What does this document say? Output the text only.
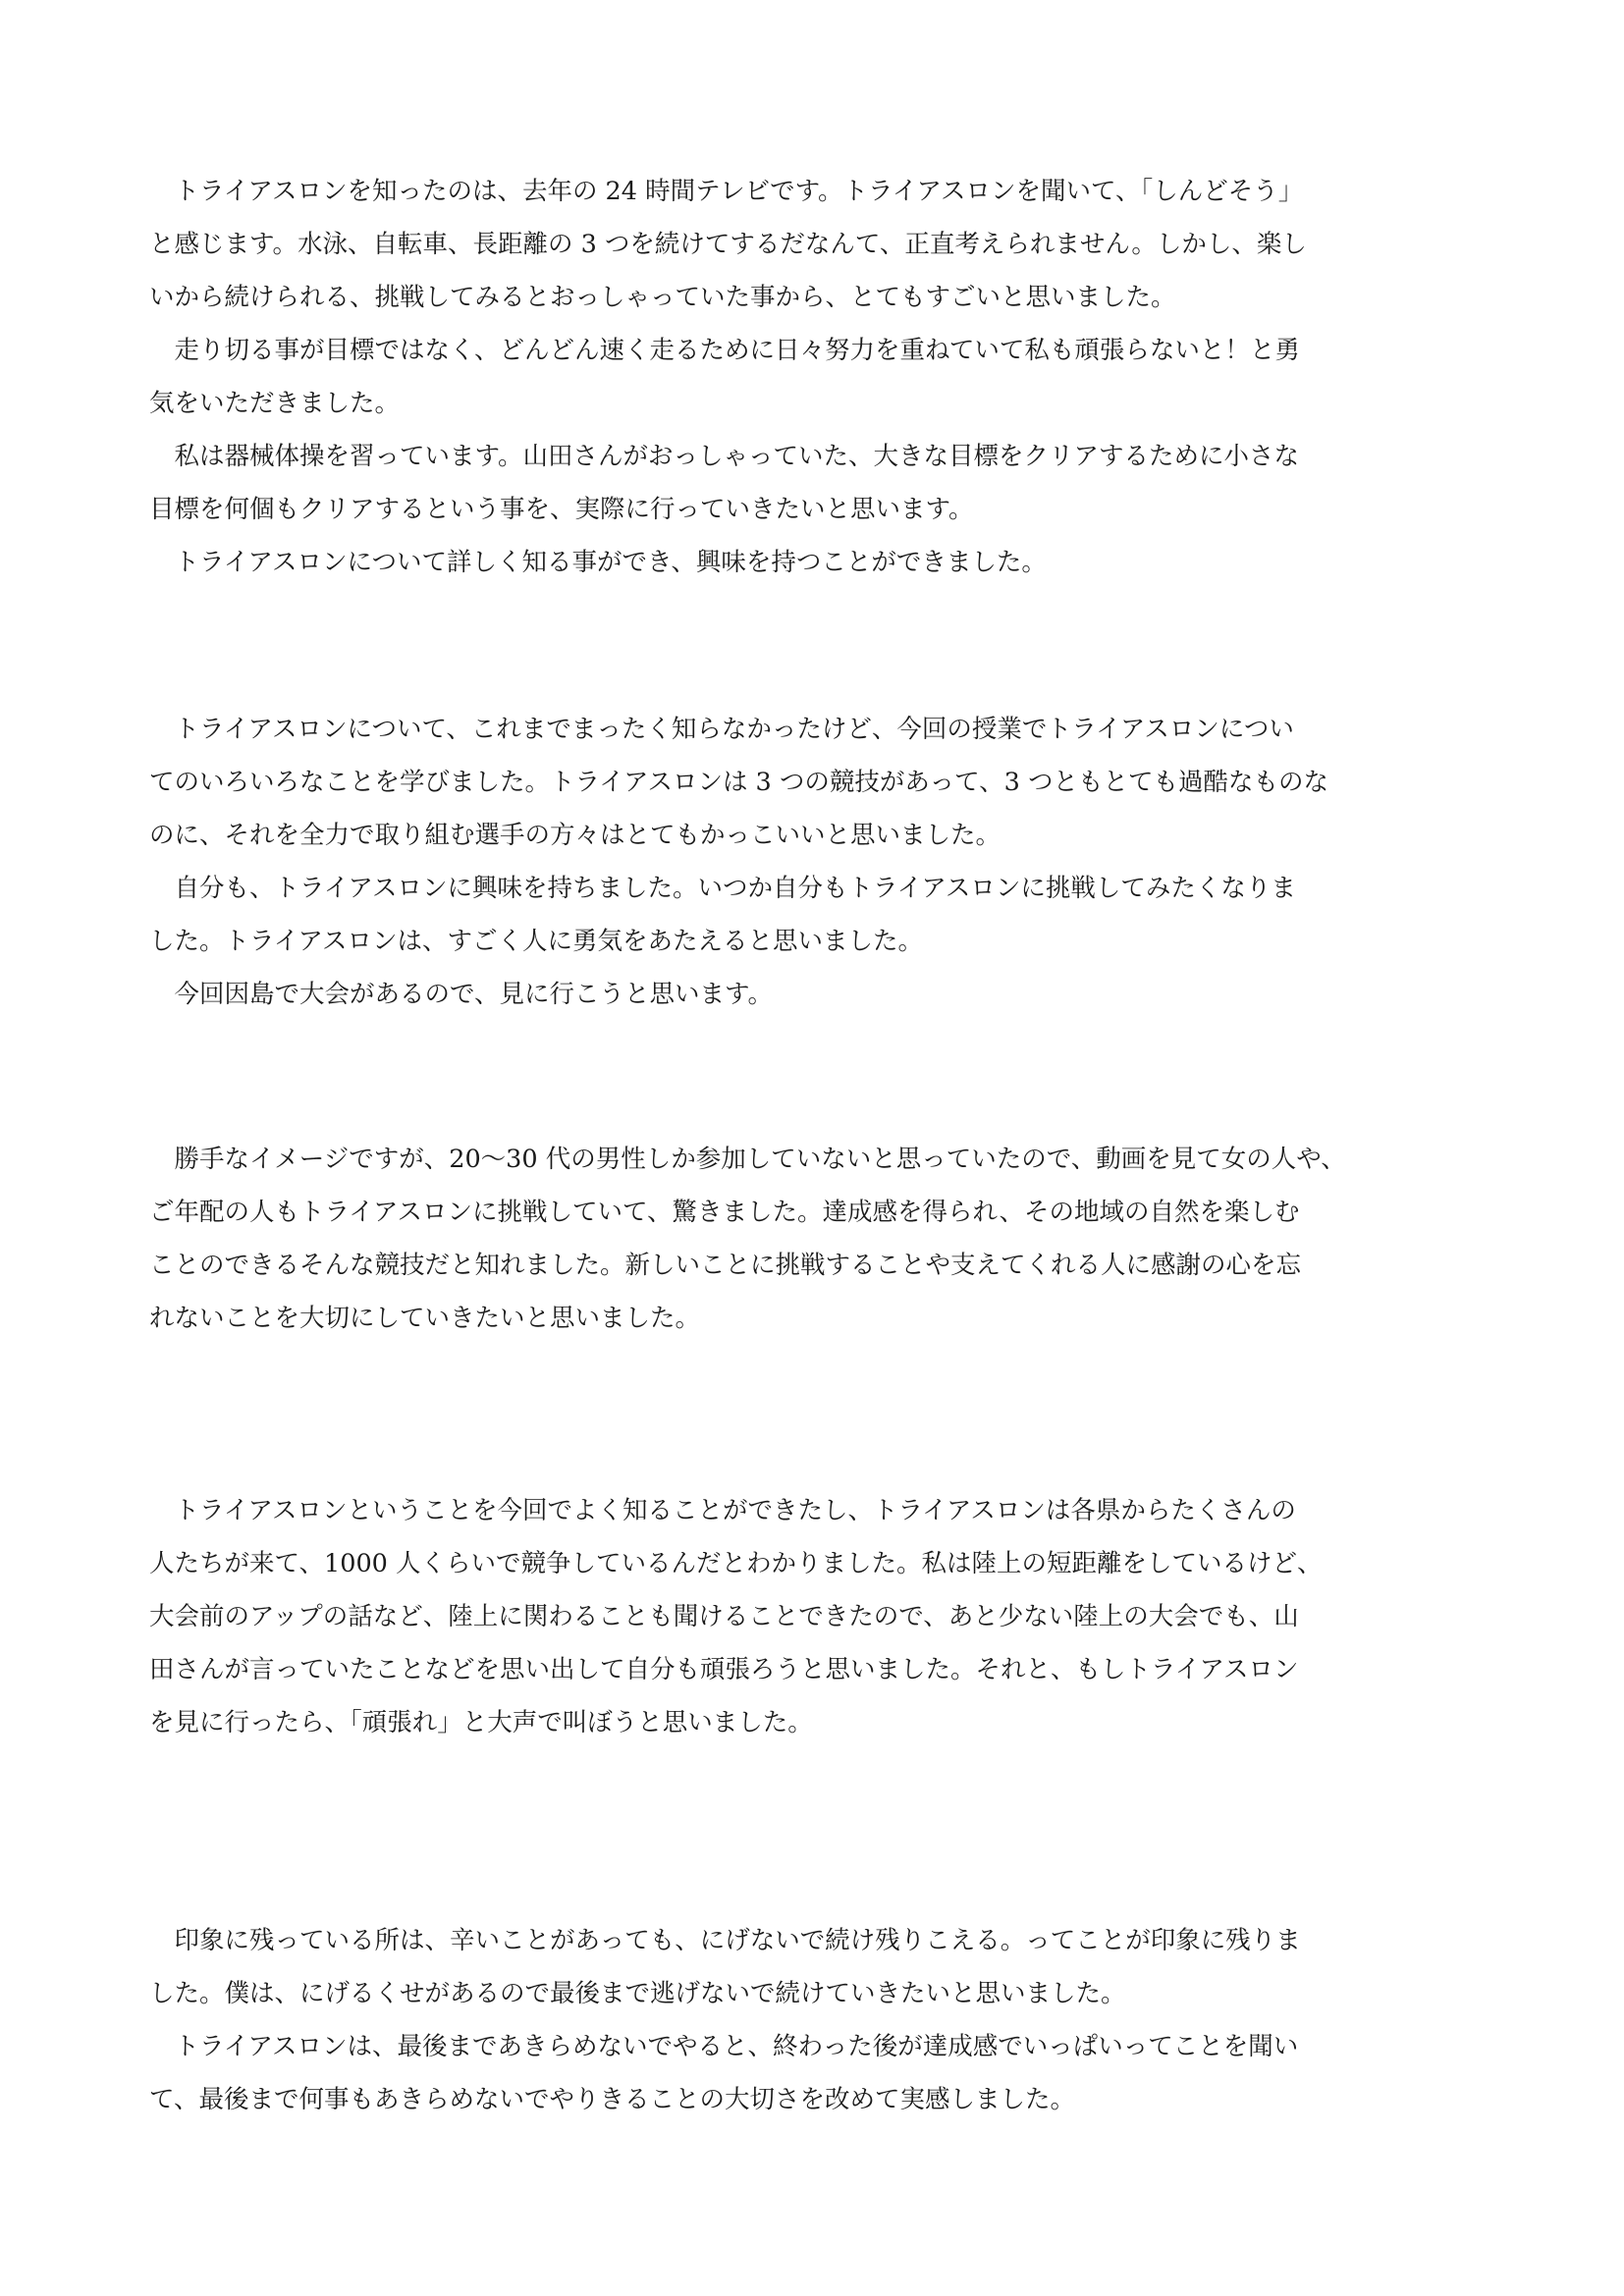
　トライアスロンを知ったのは、去年の 24 時間テレビです。トライアスロンを聞いて、「しんどそう」
と感じます。水泳、自転車、長距離の 3 つを続けてするだなんて、正直考えられません。しかし、楽し
いから続けられる、挑戦してみるとおっしゃっていた事から、とてもすごいと思いました。
　走り切る事が目標ではなく、どんどん速く走るために日々努力を重ねていて私も頑張らないと！と勇
気をいただきました。
　私は器械体操を習っています。山田さんがおっしゃっていた、大きな目標をクリアするために小さな
目標を何個もクリアするという事を、実際に行っていきたいと思います。
　トライアスロンについて詳しく知る事ができ、興味を持つことができました。
　トライアスロンについて、これまでまったく知らなかったけど、今回の授業でトライアスロンについ
てのいろいろなことを学びました。トライアスロンは 3 つの競技があって、3 つともとても過酷なものな
のに、それを全力で取り組む選手の方々はとてもかっこいいと思いました。
　自分も、トライアスロンに興味を持ちました。いつか自分もトライアスロンに挑戦してみたくなりま
した。トライアスロンは、すごく人に勇気をあたえると思いました。
　今回因島で大会があるので、見に行こうと思います。
　勝手なイメージですが、20～30 代の男性しか参加していないと思っていたので、動画を見て女の人や、
ご年配の人もトライアスロンに挑戦していて、驚きました。達成感を得られ、その地域の自然を楽しむ
ことのできるそんな競技だと知れました。新しいことに挑戦することや支えてくれる人に感謝の心を忘
れないことを大切にしていきたいと思いました。
　トライアスロンということを今回でよく知ることができたし、トライアスロンは各県からたくさんの
人たちが来て、1000 人くらいで競争しているんだとわかりました。私は陸上の短距離をしているけど、
大会前のアップの話など、陸上に関わることも聞けることできたので、あと少ない陸上の大会でも、山
田さんが言っていたことなどを思い出して自分も頑張ろうと思いました。それと、もしトライアスロン
を見に行ったら、「頑張れ」と大声で叫ぼうと思いました。
　印象に残っている所は、辛いことがあっても、にげないで続け残りこえる。ってことが印象に残りま
した。僕は、にげるくせがあるので最後まで逃げないで続けていきたいと思いました。
　トライアスロンは、最後まであきらめないでやると、終わった後が達成感でいっぱいってことを聞い
て、最後まで何事もあきらめないでやりきることの大切さを改めて実感しました。
